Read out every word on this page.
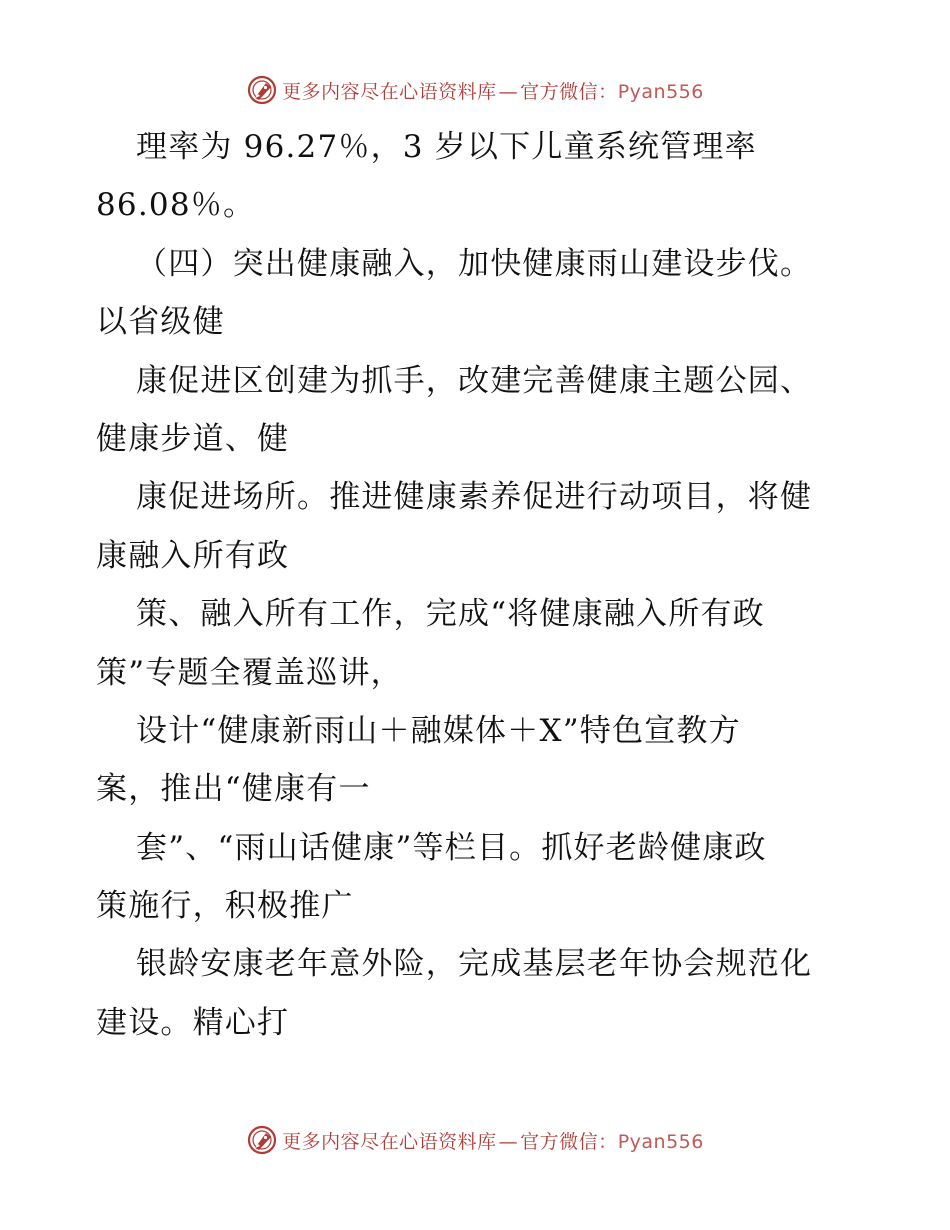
更多内容尽在心语资料库 — 官方微信：Pyan556
理率为 96.27％，3 岁以下儿童系统管理率
86.08％。
（四）突出健康融入，加快健康雨山建设步伐。
以省级健
康促进区创建为抓手，改建完善健康主题公园、
健康步道、健
康促进场所。推进健康素养促进行动项目，将健
康融入所有政
策、融入所有工作，完成“将健康融入所有政
策”专题全覆盖巡讲，
设计“健康新雨山＋融媒体＋X”特色宣教方
案，推出“健康有一
套”、“雨山话健康”等栏目。抓好老龄健康政
策施行，积极推广
银龄安康老年意外险，完成基层老年协会规范化
建设。精心打
更多内容尽在心语资料库 — 官方微信：Pyan556
